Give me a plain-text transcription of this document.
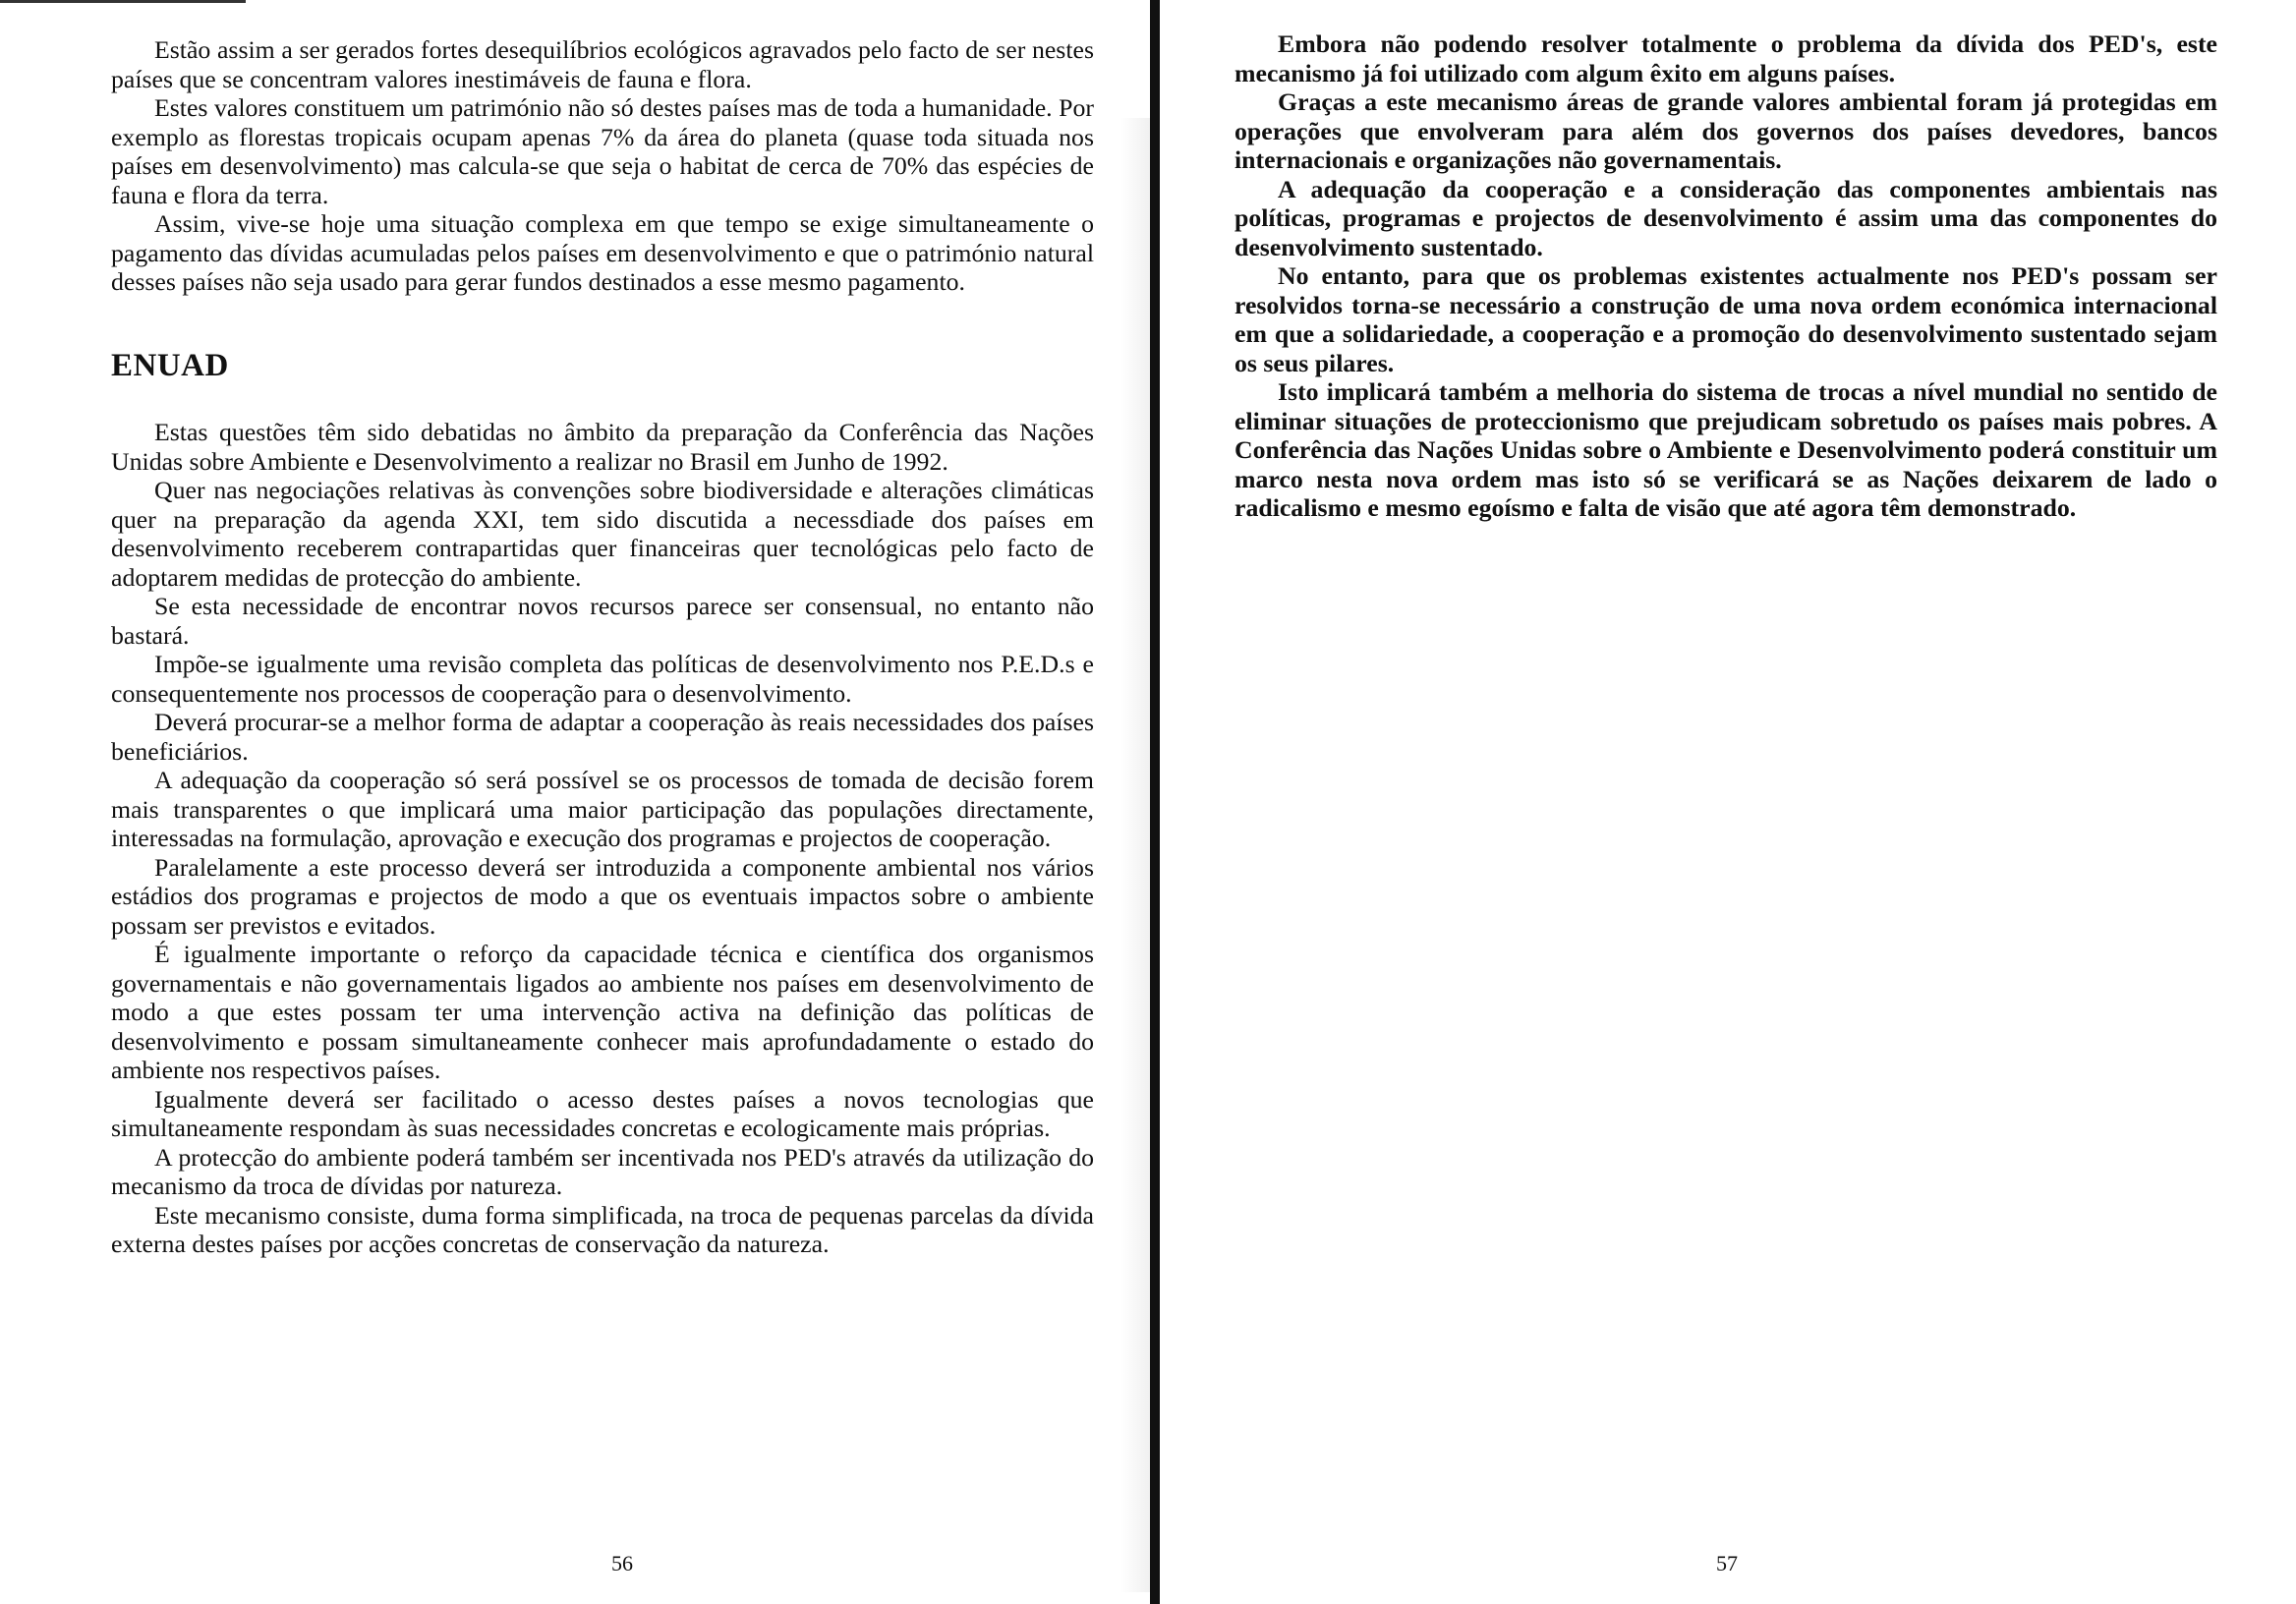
Estão assim a ser gerados fortes desequilíbrios ecológicos agravados pelo facto de ser nestes países que se concentram valores inestimáveis de fauna e flora.

Estes valores constituem um património não só destes países mas de toda a humanidade. Por exemplo as florestas tropicais ocupam apenas 7% da área do planeta (quase toda situada nos países em desenvolvimento) mas calcula-se que seja o habitat de cerca de 70% das espécies de fauna e flora da terra.

Assim, vive-se hoje uma situação complexa em que tempo se exige simultaneamente o pagamento das dívidas acumuladas pelos países em desenvolvimento e que o património natural desses países não seja usado para gerar fundos destinados a esse mesmo pagamento.

ENUAD

Estas questões têm sido debatidas no âmbito da preparação da Conferência das Nações Unidas sobre Ambiente e Desenvolvimento a realizar no Brasil em Junho de 1992.

Quer nas negociações relativas às convenções sobre biodiversidade e alterações climáticas quer na preparação da agenda XXI, tem sido discutida a necessdiade dos países em desenvolvimento receberem contrapartidas quer financeiras quer tecnológicas pelo facto de adoptarem medidas de protecção do ambiente.

Se esta necessidade de encontrar novos recursos parece ser consensual, no entanto não bastará.

Impõe-se igualmente uma revisão completa das políticas de desenvolvimento nos P.E.D.s e consequentemente nos processos de cooperação para o desenvolvimento.

Deverá procurar-se a melhor forma de adaptar a cooperação às reais necessidades dos países beneficiários.

A adequação da cooperação só será possível se os processos de tomada de decisão forem mais transparentes o que implicará uma maior participação das populações directamente, interessadas na formulação, aprovação e execução dos programas e projectos de cooperação.

Paralelamente a este processo deverá ser introduzida a componente ambiental nos vários estádios dos programas e projectos de modo a que os eventuais impactos sobre o ambiente possam ser previstos e evitados.

É igualmente importante o reforço da capacidade técnica e científica dos organismos governamentais e não governamentais ligados ao ambiente nos países em desenvolvimento de modo a que estes possam ter uma intervenção activa na definição das políticas de desenvolvimento e possam simultaneamente conhecer mais aprofundadamente o estado do ambiente nos respectivos países.

Igualmente deverá ser facilitado o acesso destes países a novos tecnologias que simultaneamente respondam às suas necessidades concretas e ecologicamente mais próprias.

A protecção do ambiente poderá também ser incentivada nos PED's através da utilização do mecanismo da troca de dívidas por natureza.

Este mecanismo consiste, duma forma simplificada, na troca de pequenas parcelas da dívida externa destes países por acções concretas de conservação da natureza.

56

Embora não podendo resolver totalmente o problema da dívida dos PED's, este mecanismo já foi utilizado com algum êxito em alguns países.

Graças a este mecanismo áreas de grande valores ambiental foram já protegidas em operações que envolveram para além dos governos dos países devedores, bancos internacionais e organizações não governamentais.

A adequação da cooperação e a consideração das componentes ambientais nas políticas, programas e projectos de desenvolvimento é assim uma das componentes do desenvolvimento sustentado.

No entanto, para que os problemas existentes actualmente nos PED's possam ser resolvidos torna-se necessário a construção de uma nova ordem económica internacional em que a solidariedade, a cooperação e a promoção do desenvolvimento sustentado sejam os seus pilares.

Isto implicará também a melhoria do sistema de trocas a nível mundial no sentido de eliminar situações de proteccionismo que prejudicam sobretudo os países mais pobres. A Conferência das Nações Unidas sobre o Ambiente e Desenvolvimento poderá constituir um marco nesta nova ordem mas isto só se verificará se as Nações deixarem de lado o radicalismo e mesmo egoísmo e falta de visão que até agora têm demonstrado.

57
